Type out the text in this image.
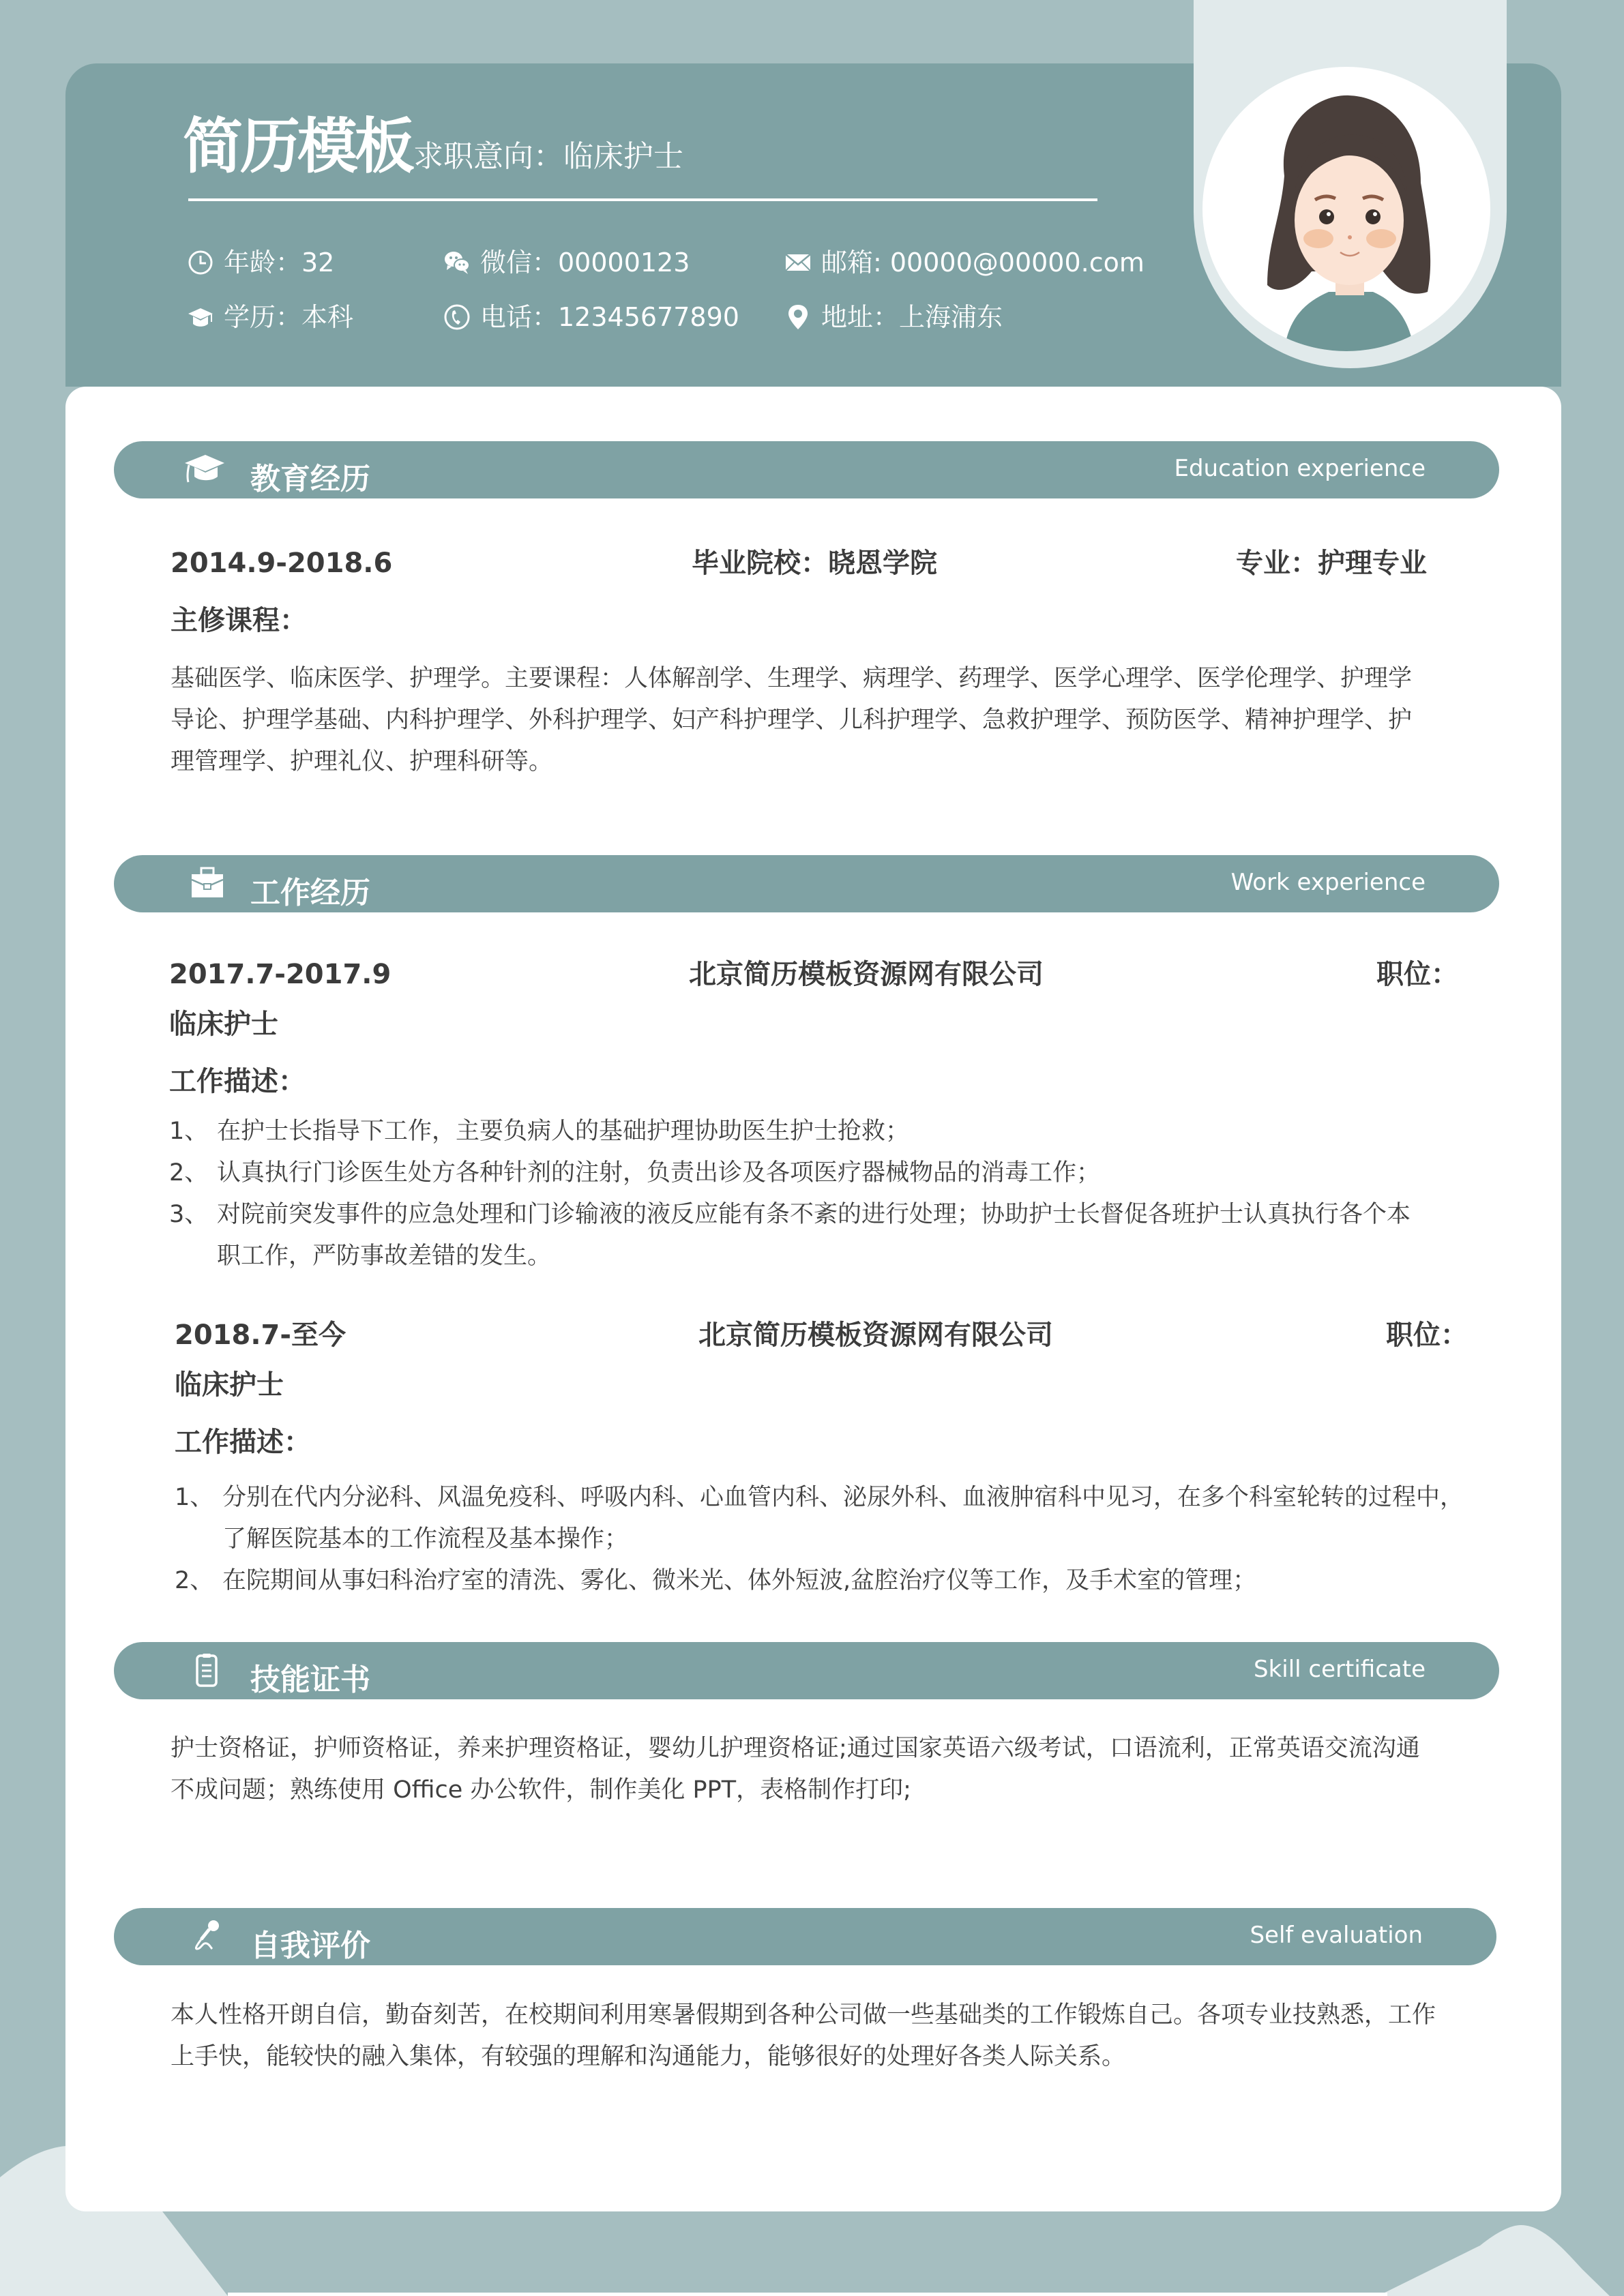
简历模板 求职意向：临床护士
年龄：32	微信：00000123	邮箱: 00000@00000.com
学历：本科	电话：12345677890	地址：上海浦东
教育经历	Education experience
2014.9-2018.6	毕业院校：晓恩学院	专业：护理专业
主修课程：
基础医学、临床医学、护理学。主要课程：人体解剖学、生理学、病理学、药理学、医学心理学、医学伦理学、护理学
导论、护理学基础、内科护理学、外科护理学、妇产科护理学、儿科护理学、急救护理学、预防医学、精神护理学、护
理管理学、护理礼仪、护理科研等。
工作经历	Work experience
2017.7-2017.9	北京简历模板资源网有限公司	职位：
临床护士
工作描述：
1、 在护士长指导下工作，主要负病人的基础护理协助医生护士抢救；
2、 认真执行门诊医生处方各种针剂的注射，负责出诊及各项医疗器械物品的消毒工作；
3、 对院前突发事件的应急处理和门诊输液的液反应能有条不紊的进行处理；协助护士长督促各班护士认真执行各个本
职工作，严防事故差错的发生。
2018.7-至今	北京简历模板资源网有限公司	职位：
临床护士
工作描述：
1、 分别在代内分泌科、风温免疫科、呼吸内科、心血管内科、泌尿外科、血液肿宿科中见习，在多个科室轮转的过程中，
了解医院基本的工作流程及基本操作；
2、 在院期间从事妇科治疗室的清洗、雾化、微米光、体外短波,盆腔治疗仪等工作，及手术室的管理；
技能证书	Skill certificate
护士资格证，护师资格证，养来护理资格证，婴幼儿护理资格证;通过国家英语六级考试，口语流利，正常英语交流沟通
不成问题；熟练使用 Office 办公软件，制作美化 PPT，表格制作打印;
自我评价	Self evaluation
本人性格开朗自信，勤奋刻苦，在校期间利用寒暑假期到各种公司做一些基础类的工作锻炼自己。各项专业技熟悉，工作
上手快，能较快的融入集体，有较强的理解和沟通能力，能够很好的处理好各类人际关系。
